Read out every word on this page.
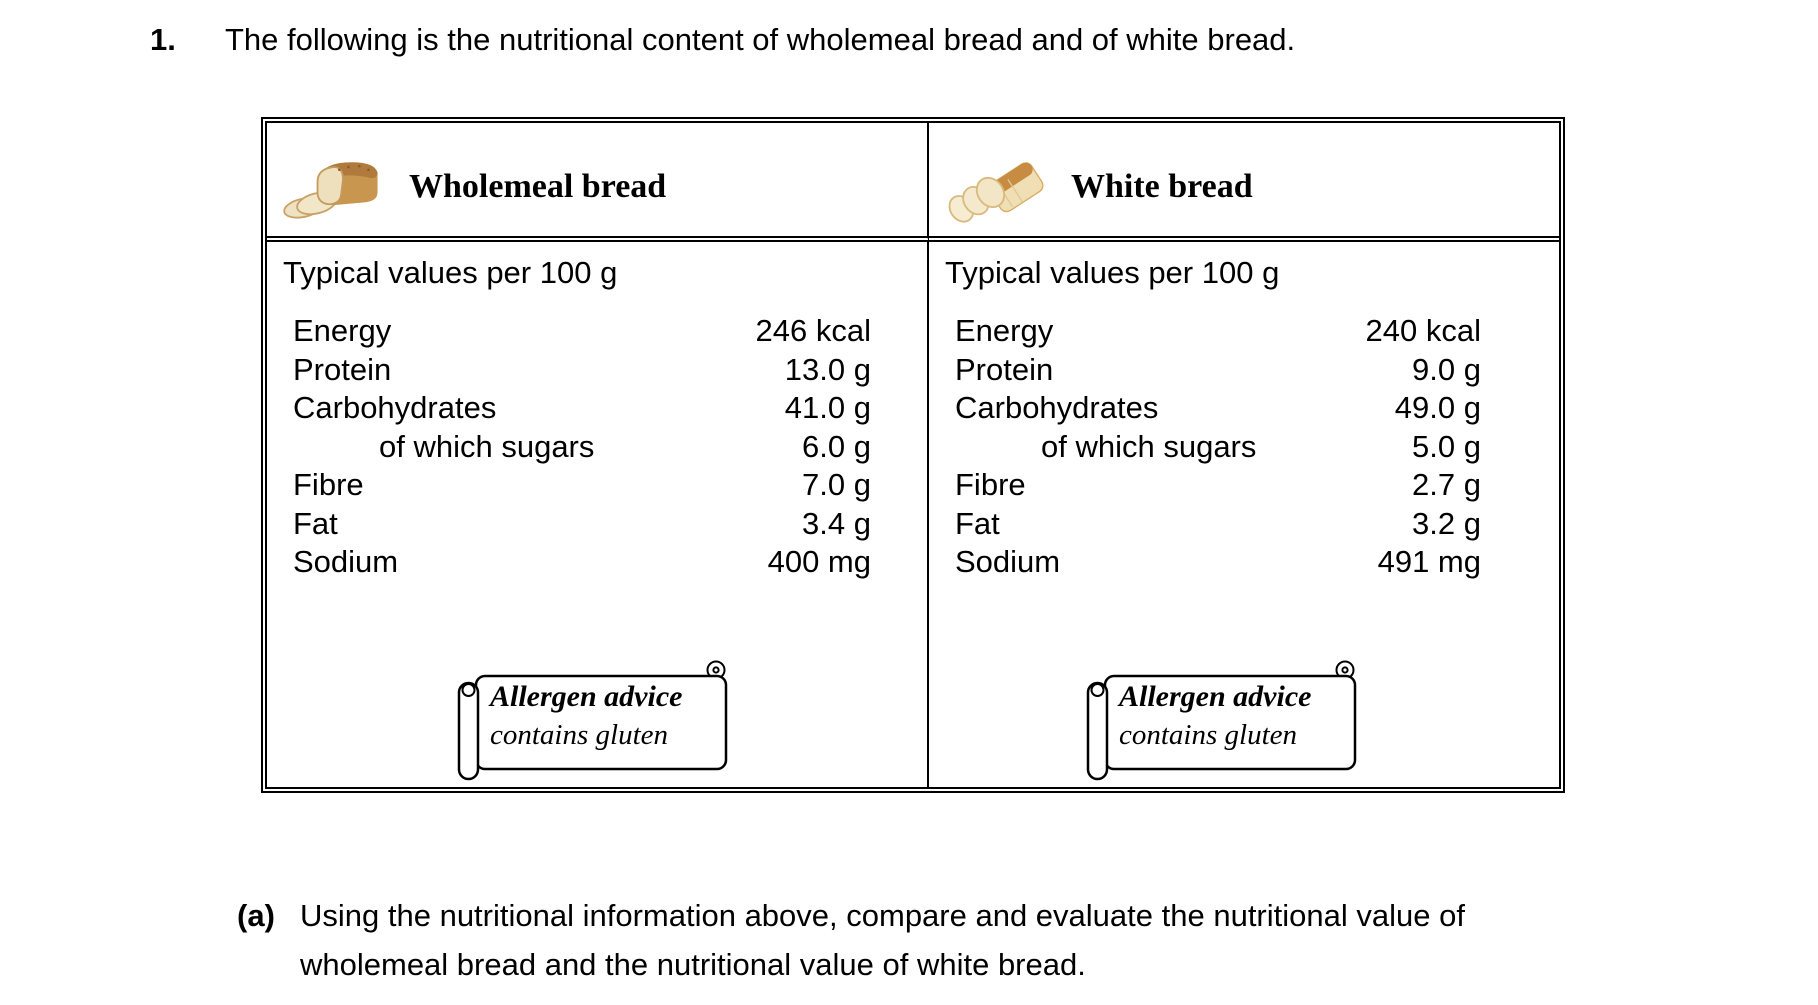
1. The following is the nutritional content of wholemeal bread and of white bread.
Wholemeal bread	White bread
Typical values per 100 g
Energy	246 kcal
Protein	13.0 g
Carbohydrates	41.0 g
of which sugars	6.0 g
Fibre	7.0 g
Fat	3.4 g
Sodium	400 mg
Allergen advice
contains gluten
Typical values per 100 g
Energy	240 kcal
Protein	9.0 g
Carbohydrates	49.0 g
of which sugars	5.0 g
Fibre	2.7 g
Fat	3.2 g
Sodium	491 mg
Allergen advice
contains gluten
(a) Using the nutritional information above, compare and evaluate the nutritional value of wholemeal bread and the nutritional value of white bread.
